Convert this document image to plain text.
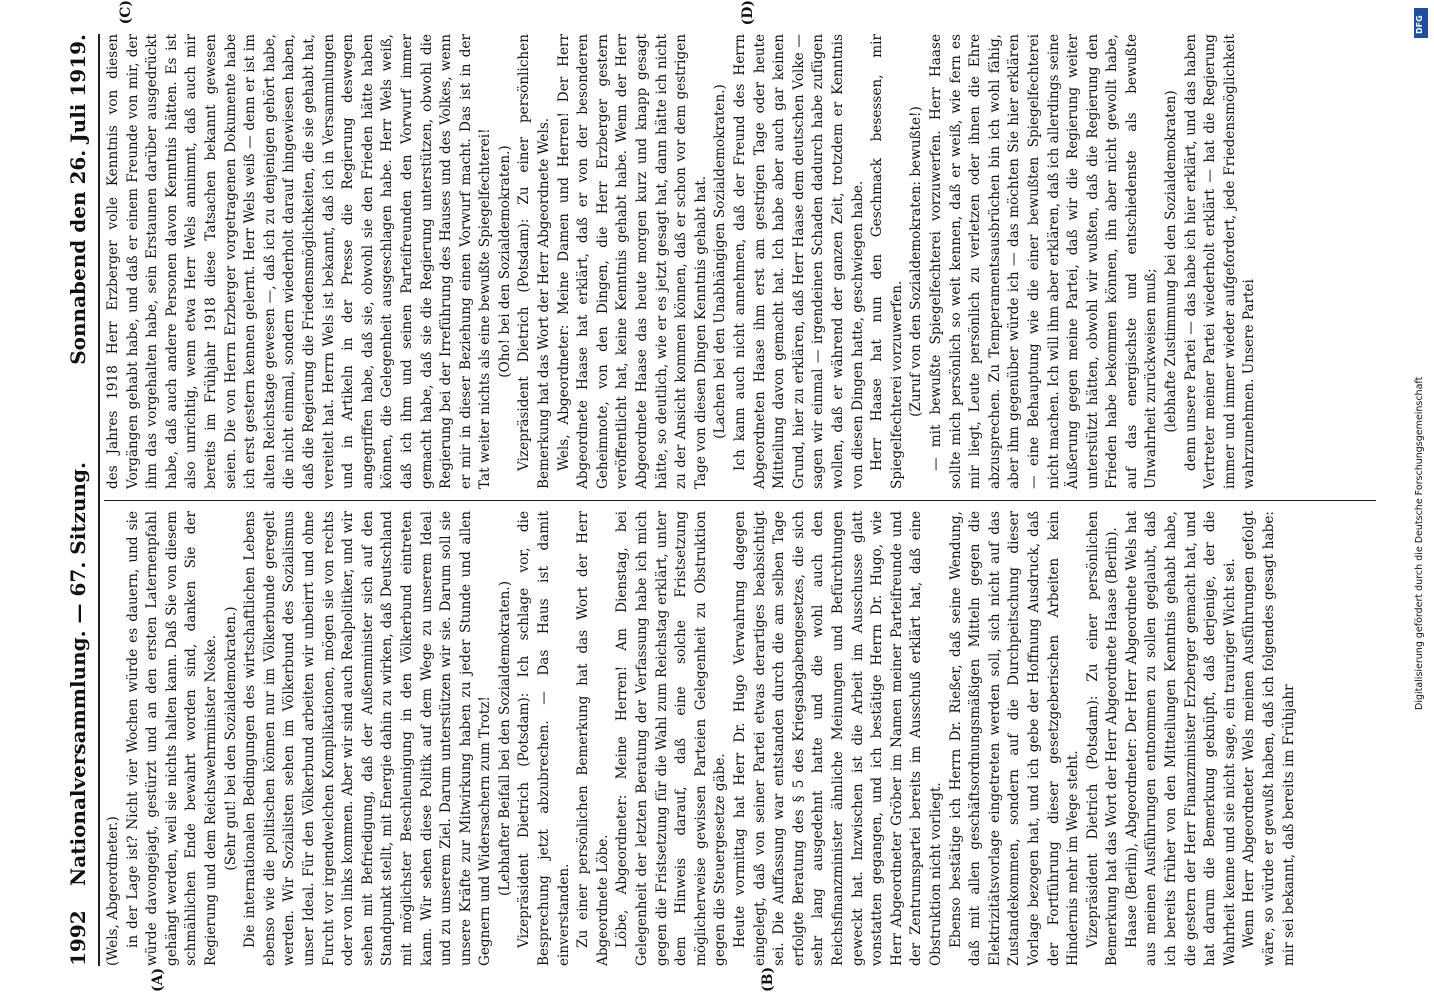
1992
Nationalversammlung. — 67. Sitzung.
Sonnabend den 26. Juli 1919.

(Wels, Abgeordneter.) in der Lage ist? Nicht vier Wochen würde es dauern, und sie würde davongejagt, gestürzt und an den ersten Laternenpfahl gehängt werden, weil sie nichts halten kann. Daß Sie von diesem schmählichen Ende bewahrt worden sind, danken Sie der Regierung und dem Reichswehrminister Noske. (Sehr gut! bei den Sozialdemokraten.) Die internationalen Bedingungen des wirtschaftlichen Lebens ebenso wie die politischen können nur im Völkerbunde geregelt werden. Wir Sozialisten sehen im Völkerbund des Sozialismus unser Ideal. Für den Völkerbund arbeiten wir unbeirrt und ohne Furcht vor irgendwelchen Komplikationen, mögen sie von rechts oder von links kommen. Aber wir sind auch Realpolitiker, und wir sehen mit Befriedigung, daß der Außenminister sich auf den Standpunkt stellt, mit Energie dahin zu wirken, daß Deutschland mit möglichster Beschleunigung in den Völkerbund eintreten kann. Wir sehen diese Politik auf dem Wege zu unserem Ideal und zu unserem Ziel. Darum unterstützen wir sie. Darum soll sie unsere Kräfte zur Mitwirkung haben zu jeder Stunde und allen Gegnern und Widersachern zum Trotz! (Lebhafter Beifall bei den Sozialdemokraten.) Vizepräsident Dietrich (Potsdam): Ich schlage vor, die Besprechung jetzt abzubrechen. — Das Haus ist damit einverstanden. Zu einer persönlichen Bemerkung hat das Wort der Herr Abgeordnete Löbe. Löbe, Abgeordneter: Meine Herren! Am Dienstag, bei Gelegenheit der letzten Beratung der Verfassung habe ich mich gegen die Fristsetzung für die Wahl zum Reichstag erklärt, unter dem Hinweis darauf, daß eine solche Fristsetzung möglicherweise gewissen Parteien Gelegenheit zu Obstruktion gegen die Steuergesetze gäbe. Heute vormittag hat Herr Dr. Hugo Verwahrung dagegen eingelegt, daß von seiner Partei etwas derartiges beabsichtigt sei. Die Auffassung war entstanden durch die am selben Tage erfolgte Beratung des § 5 des Kriegsabgabengesetzes, die sich sehr lang ausgedehnt hatte und die wohl auch den Reichsfinanzminister ähnliche Meinungen und Befürchtungen geweckt hat. Inzwischen ist die Arbeit im Ausschusse glatt vonstatten gegangen, und ich bestätige Herrn Dr. Hugo, wie Herr Abgeordneter Gröber im Namen meiner Parteifreunde und der Zentrumspartei bereits im Ausschuß erklärt hat, daß eine Obstruktion nicht vorliegt. Ebenso bestätige ich Herrn Dr. Rießer, daß seine Wendung, daß mit allen geschäftsordnungsmäßigen Mitteln gegen die Elektrizitätsvorlage eingetreten werden soll, sich nicht auf das Zustandekommen, sondern auf die Durchpeitschung dieser Vorlage bezogen hat, und ich gebe der Hoffnung Ausdruck, daß der Fortführung dieser gesetzgeberischen Arbeiten kein Hindernis mehr im Wege steht. Vizepräsident Dietrich (Potsdam): Zu einer persönlichen Bemerkung hat das Wort der Herr Abgeordnete Haase (Berlin). Haase (Berlin), Abgeordneter: Der Herr Abgeordnete Wels hat aus meinen Ausführungen entnommen zu sollen geglaubt, daß ich bereits früher von den Mitteilungen Kenntnis gehabt habe, die gestern der Herr Finanzminister Erzberger gemacht hat, und hat darum die Bemerkung geknüpft, daß derjenige, der die Wahrheit kenne und sie nicht sage, ein trauriger Wicht sei. Wenn Herr Abgeordneter Wels meinen Ausführungen gefolgt wäre, so würde er gewußt haben, daß ich folgendes gesagt habe: mir sei bekannt, daß bereits im Frühjahr

des Jahres 1918 Herr Erzberger volle Kenntnis von diesen Vorgängen gehabt habe, und daß er einem Freunde von mir, der ihm das vorgehalten habe, sein Erstaunen darüber ausgedrückt habe, daß auch andere Personen davon Kenntnis hätten. Es ist also unrichtig, wenn etwa Herr Wels annimmt, daß auch mir bereits im Frühjahr 1918 diese Tatsachen bekannt gewesen seien. Die von Herrn Erzberger vorgetragenen Dokumente habe ich erst gestern kennen gelernt. Herr Wels weiß — denn er ist im alten Reichstage gewesen —, daß ich zu denjenigen gehört habe, die nicht einmal, sondern wiederholt darauf hingewiesen haben, daß die Regierung die Friedensmöglichkeiten, die sie gehabt hat, vereitelt hat. Herrn Wels ist bekannt, daß ich in Versammlungen und in Artikeln in der Presse die Regierung deswegen angegriffen habe, daß sie, obwohl sie den Frieden hätte haben können, die Gelegenheit ausgeschlagen habe. Herr Wels weiß, daß ich ihm und seinen Parteifreunden den Vorwurf immer gemacht habe, daß sie die Regierung unterstützen, obwohl die Regierung bei der Irreführung des Hauses und des Volkes, wenn er mir in dieser Beziehung einen Vorwurf macht. Das ist in der Tat weiter nichts als eine bewußte Spiegelfechterei! (Oho! bei den Sozialdemokraten.) Vizepräsident Dietrich (Potsdam): Zu einer persönlichen Bemerkung hat das Wort der Herr Abgeordnete Wels. Wels, Abgeordneter: Meine Damen und Herren! Der Herr Abgeordnete Haase hat erklärt, daß er von der besonderen Geheimnote, von den Dingen, die Herr Erzberger gestern veröffentlicht hat, keine Kenntnis gehabt habe. Wenn der Herr Abgeordnete Haase das heute morgen kurz und knapp gesagt hätte, so deutlich, wie er es jetzt gesagt hat, dann hätte ich nicht zu der Ansicht kommen können, daß er schon vor dem gestrigen Tage von diesen Dingen Kenntnis gehabt hat. (Lachen bei den Unabhängigen Sozialdemokraten.) Ich kann auch nicht annehmen, daß der Freund des Herrn Abgeordneten Haase ihm erst am gestrigen Tage oder heute Mitteilung davon gemacht hat. Ich habe aber auch gar keinen Grund, hier zu erklären, daß Herr Haase dem deutschen Volke — sagen wir einmal — irgendeinen Schaden dadurch habe zufügen wollen, daß er während der ganzen Zeit, trotzdem er Kenntnis von diesen Dingen hatte, geschwiegen habe. Herr Haase hat nun den Geschmack besessen, mir Spiegelfechterei vorzuwerfen. (Zuruf von den Sozialdemokraten: bewußte!) — mit bewußte Spiegelfechterei vorzuwerfen. Herr Haase sollte mich persönlich so weit kennen, daß er weiß, wie fern es mir liegt, Leute persönlich zu verletzen oder ihnen die Ehre abzusprechen. Zu Temperamentsausbrüchen bin ich wohl fähig, aber ihm gegenüber würde ich — das möchten Sie hier erklären — eine Behauptung wie die einer bewußten Spiegelfechterei nicht machen. Ich will ihm aber erklären, daß ich allerdings seine Äußerung gegen meine Partei, daß wir die Regierung weiter unterstützt hätten, obwohl wir wußten, daß die Regierung den Frieden habe bekommen können, ihn aber nicht gewollt habe, auf das energischste und entschiedenste als bewußte Unwahrheit zurückweisen muß; (lebhafte Zustimmung bei den Sozialdemokraten) denn unsere Partei — das habe ich hier erklärt, und das haben Vertreter meiner Partei wiederholt erklärt — hat die Regierung immer und immer wieder aufgefordert, jede Friedensmöglichkeit wahrzunehmen. Unsere Partei

(A)	(B)
(C)	(D)
Digitalisierung gefördert durch die Deutsche Forschungsgemeinschaft
DFG
